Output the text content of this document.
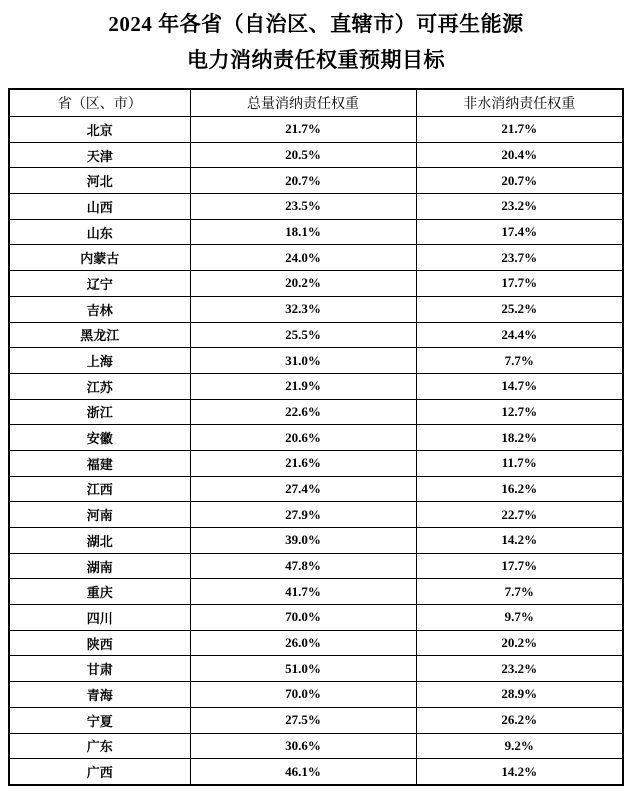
2024 年各省（自治区、直辖市）可再生能源
电力消纳责任权重预期目标
省（区、市）	总量消纳责任权重	非水消纳责任权重
北京	21.7%	21.7%
天津	20.5%	20.4%
河北	20.7%	20.7%
山西	23.5%	23.2%
山东	18.1%	17.4%
内蒙古	24.0%	23.7%
辽宁	20.2%	17.7%
吉林	32.3%	25.2%
黑龙江	25.5%	24.4%
上海	31.0%	7.7%
江苏	21.9%	14.7%
浙江	22.6%	12.7%
安徽	20.6%	18.2%
福建	21.6%	11.7%
江西	27.4%	16.2%
河南	27.9%	22.7%
湖北	39.0%	14.2%
湖南	47.8%	17.7%
重庆	41.7%	7.7%
四川	70.0%	9.7%
陕西	26.0%	20.2%
甘肃	51.0%	23.2%
青海	70.0%	28.9%
宁夏	27.5%	26.2%
广东	30.6%	9.2%
广西	46.1%	14.2%
